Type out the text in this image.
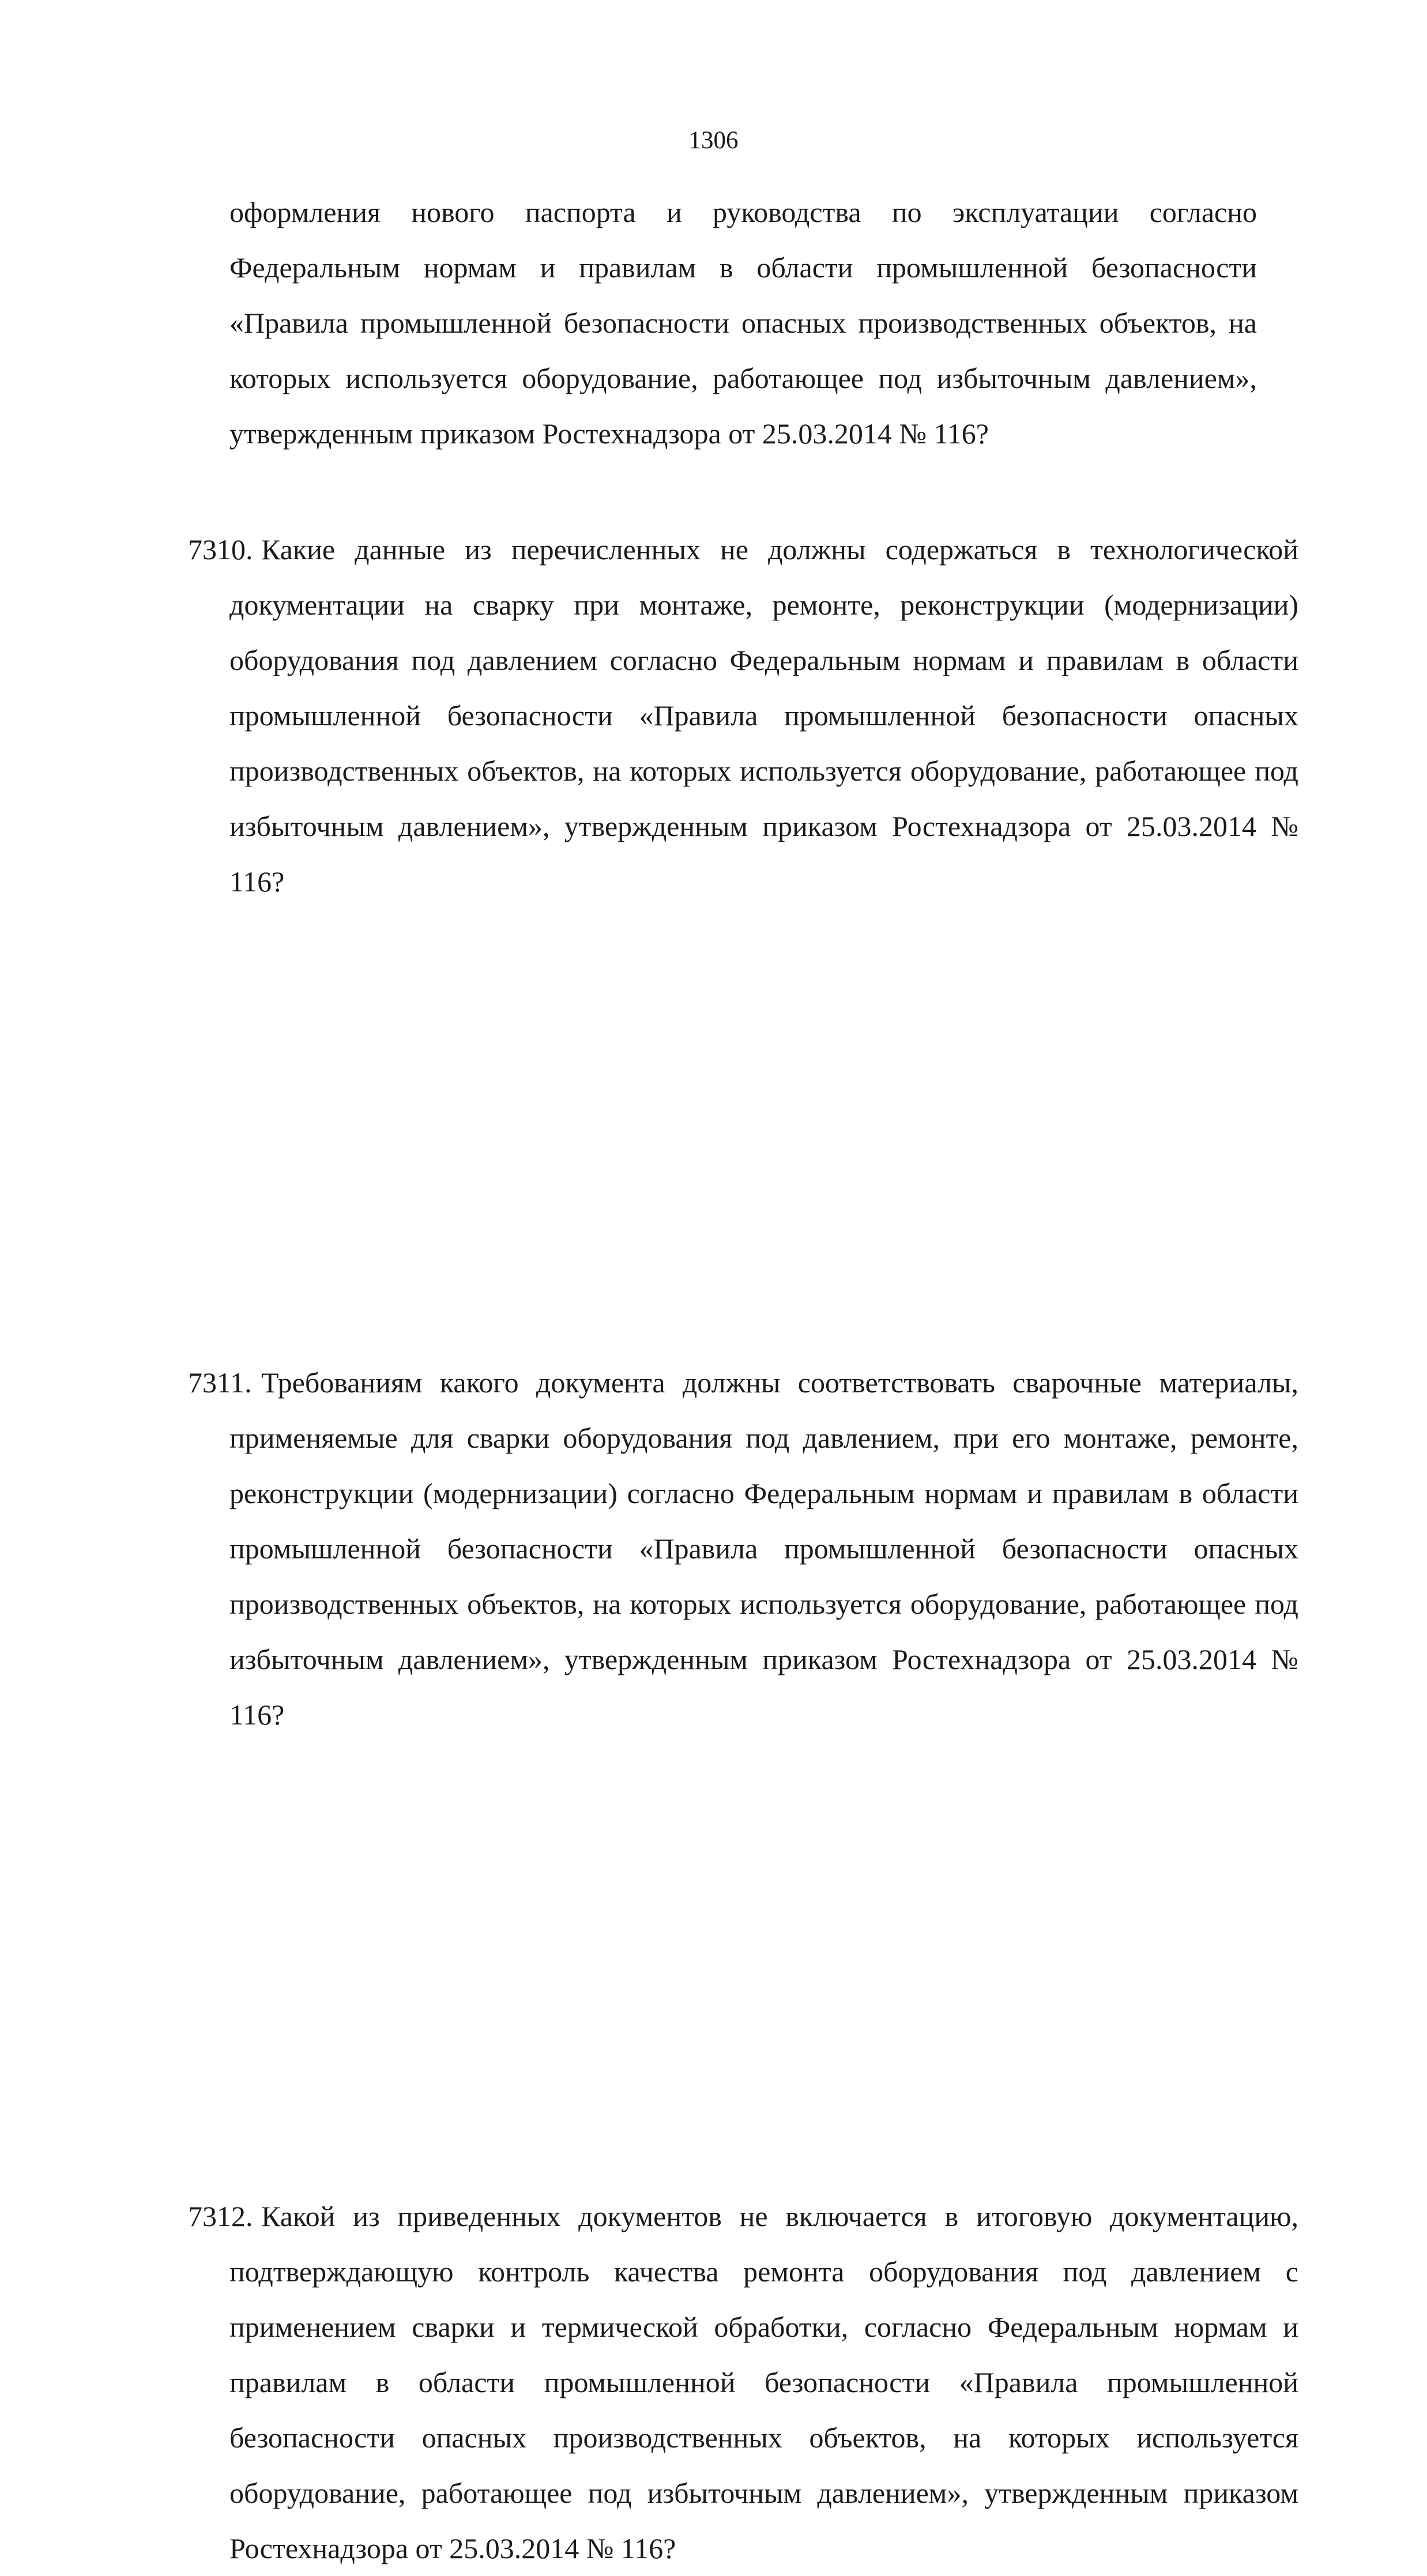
1306
оформления нового паспорта и руководства по эксплуатации согласно Федеральным нормам и правилам в области промышленной безопасности «Правила промышленной безопасности опасных производственных объектов, на которых используется оборудование, работающее под избыточным давлением», утвержденным приказом Ростехнадзора от 25.03.2014 № 116?
7310. Какие данные из перечисленных не должны содержаться в технологической документации на сварку при монтаже, ремонте, реконструкции (модернизации) оборудования под давлением согласно Федеральным нормам и правилам в области промышленной безопасности «Правила промышленной безопасности опасных производственных объектов, на которых используется оборудование, работающее под избыточным давлением», утвержденным приказом Ростехнадзора от 25.03.2014 № 116?
7311. Требованиям какого документа должны соответствовать сварочные материалы, применяемые для сварки оборудования под давлением, при его монтаже, ремонте, реконструкции (модернизации) согласно Федеральным нормам и правилам в области промышленной безопасности «Правила промышленной безопасности опасных производственных объектов, на которых используется оборудование, работающее под избыточным давлением», утвержденным приказом Ростехнадзора от 25.03.2014 № 116?
7312. Какой из приведенных документов не включается в итоговую документацию, подтверждающую контроль качества ремонта оборудования под давлением с применением сварки и термической обработки, согласно Федеральным нормам и правилам в области промышленной безопасности «Правила промышленной безопасности опасных производственных объектов, на которых используется оборудование, работающее под избыточным давлением», утвержденным приказом Ростехнадзора от 25.03.2014 № 116?
